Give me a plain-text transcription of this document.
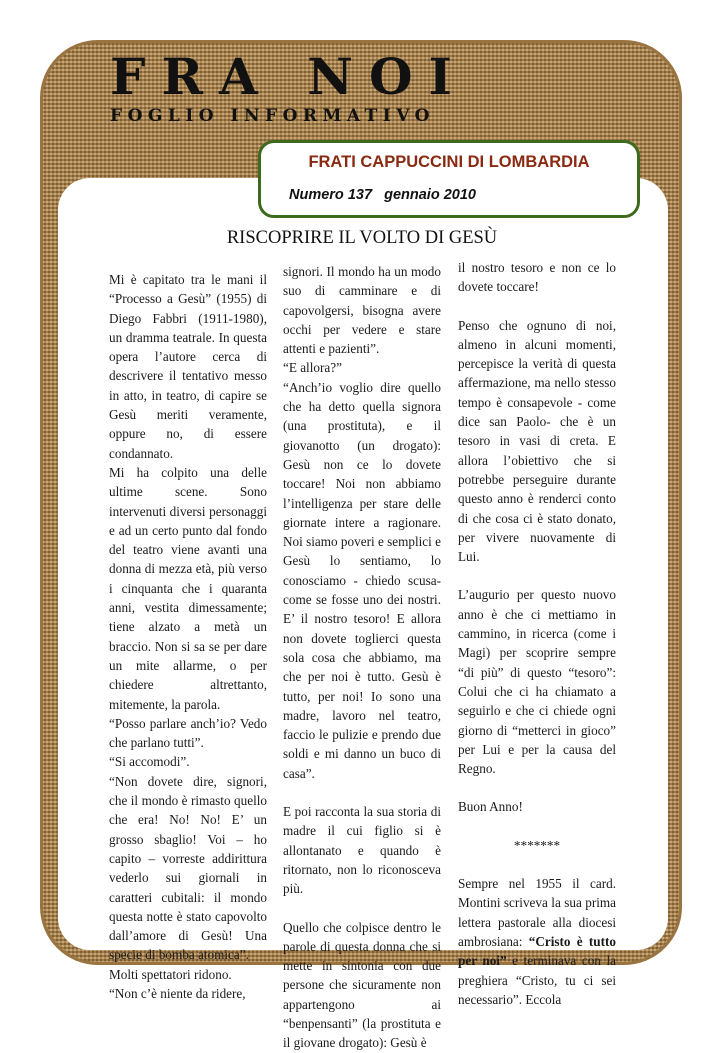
FRA NOI
FOGLIO INFORMATIVO
FRATI CAPPUCCINI DI LOMBARDIA
Numero 137   gennaio 2010
RISCOPRIRE IL VOLTO DI GESÙ

Mi è capitato tra le mani il “Processo a Gesù” (1955) di Diego Fabbri (1911-1980), un dramma teatrale. In questa opera l’autore cerca di descrivere il tentativo messo in atto, in teatro, di capire se Gesù meriti veramente, oppure no, di essere condannato.

Mi ha colpito una delle ultime scene. Sono intervenuti diversi personaggi e ad un certo punto dal fondo del teatro viene avanti una donna di mezza età, più verso i cinquanta che i quaranta anni, vestita dimessamente; tiene alzato a metà un braccio. Non si sa se per dare un mite allarme, o per chiedere altrettanto, mitemente, la parola.

“Posso parlare anch’io? Vedo che parlano tutti”.

“Si accomodi”.

“Non dovete dire, signori, che il mondo è rimasto quello che era! No! No! E’ un grosso sbaglio! Voi – ho capito – vorreste addirittura vederlo sui giornali in caratteri cubitali: il mondo questa notte è stato capovolto dall’amore di Gesù! Una specie di bomba atomica”.

Molti spettatori ridono.

“Non c’è niente da ridere,

signori. Il mondo ha un modo suo di camminare e di capovolgersi, bisogna avere occhi per vedere e stare attenti e pazienti”.

“E allora?”

“Anch’io voglio dire quello che ha detto quella signora (una prostituta), e il giovanotto (un drogato): Gesù non ce lo dovete toccare! Noi non abbiamo l’intelligenza per stare delle giornate intere a ragionare. Noi siamo poveri e semplici e Gesù lo sentiamo, lo conosciamo - chiedo scusa- come se fosse uno dei nostri. E’ il nostro tesoro! E allora non dovete toglierci questa sola cosa che abbiamo, ma che per noi è tutto. Gesù è tutto, per noi! Io sono una madre, lavoro nel teatro, faccio le pulizie e prendo due soldi e mi danno un buco di casa”.

E poi racconta la sua storia di madre il cui figlio si è allontanato e quando è ritornato, non lo riconosceva più.

Quello che colpisce dentro le parole di questa donna che si mette in sintonia con due persone che sicuramente non appartengono ai “benpensanti” (la prostituta e il giovane drogato): Gesù è

il nostro tesoro e non ce lo dovete toccare!

Penso che ognuno di noi, almeno in alcuni momenti, percepisce la verità di questa affermazione, ma nello stesso tempo è consapevole - come dice san Paolo- che è un tesoro in vasi di creta. E allora l’obiettivo che si potrebbe perseguire durante questo anno è renderci conto di che cosa ci è stato donato, per vivere nuovamente di Lui.

L’augurio per questo nuovo anno è che ci mettiamo in cammino, in ricerca (come i Magi) per scoprire sempre “di più” di questo “tesoro”: Colui che ci ha chiamato a seguirlo e che ci chiede ogni giorno di “metterci in gioco” per Lui e per la causa del Regno.

Buon Anno!

*******

Sempre nel 1955 il card. Montini scriveva la sua prima lettera pastorale alla diocesi ambrosiana: “Cristo è tutto per noi” e terminava con la preghiera “Cristo, tu ci sei necessario”. Eccola
